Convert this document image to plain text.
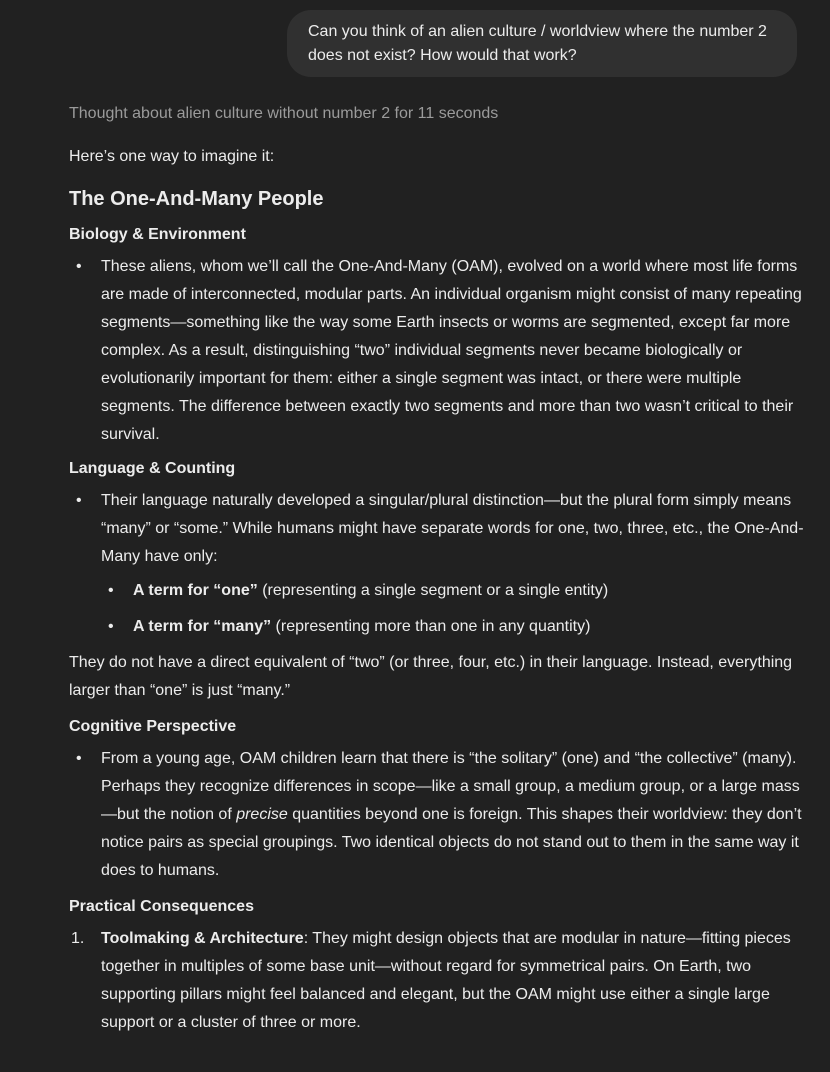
Can you think of an alien culture / worldview where the number 2
does not exist? How would that work?
Thought about alien culture without number 2 for 11 seconds

Here’s one way to imagine it:

The One-And-Many People
Biology & Environment
• These aliens, whom we’ll call the One-And-Many (OAM), evolved on a world where most life forms are made of interconnected, modular parts. An individual organism might consist of many repeating segments—something like the way some Earth insects or worms are segmented, except far more complex. As a result, distinguishing “two” individual segments never became biologically or evolutionarily important for them: either a single segment was intact, or there were multiple segments. The difference between exactly two segments and more than two wasn’t critical to their survival.
Language & Counting
• Their language naturally developed a singular/plural distinction—but the plural form simply means “many” or “some.” While humans might have separate words for one, two, three, etc., the One-And-Many have only:
• A term for “one” (representing a single segment or a single entity)
• A term for “many” (representing more than one in any quantity)

They do not have a direct equivalent of “two” (or three, four, etc.) in their language. Instead, everything larger than “one” is just “many.”

Cognitive Perspective
• From a young age, OAM children learn that there is “the solitary” (one) and “the collective” (many). Perhaps they recognize differences in scope—like a small group, a medium group, or a large mass—but the notion of precise quantities beyond one is foreign. This shapes their worldview: they don’t notice pairs as special groupings. Two identical objects do not stand out to them in the same way it does to humans.
Practical Consequences
1. Toolmaking & Architecture: They might design objects that are modular in nature—fitting pieces together in multiples of some base unit—without regard for symmetrical pairs. On Earth, two supporting pillars might feel balanced and elegant, but the OAM might use either a single large support or a cluster of three or more.
